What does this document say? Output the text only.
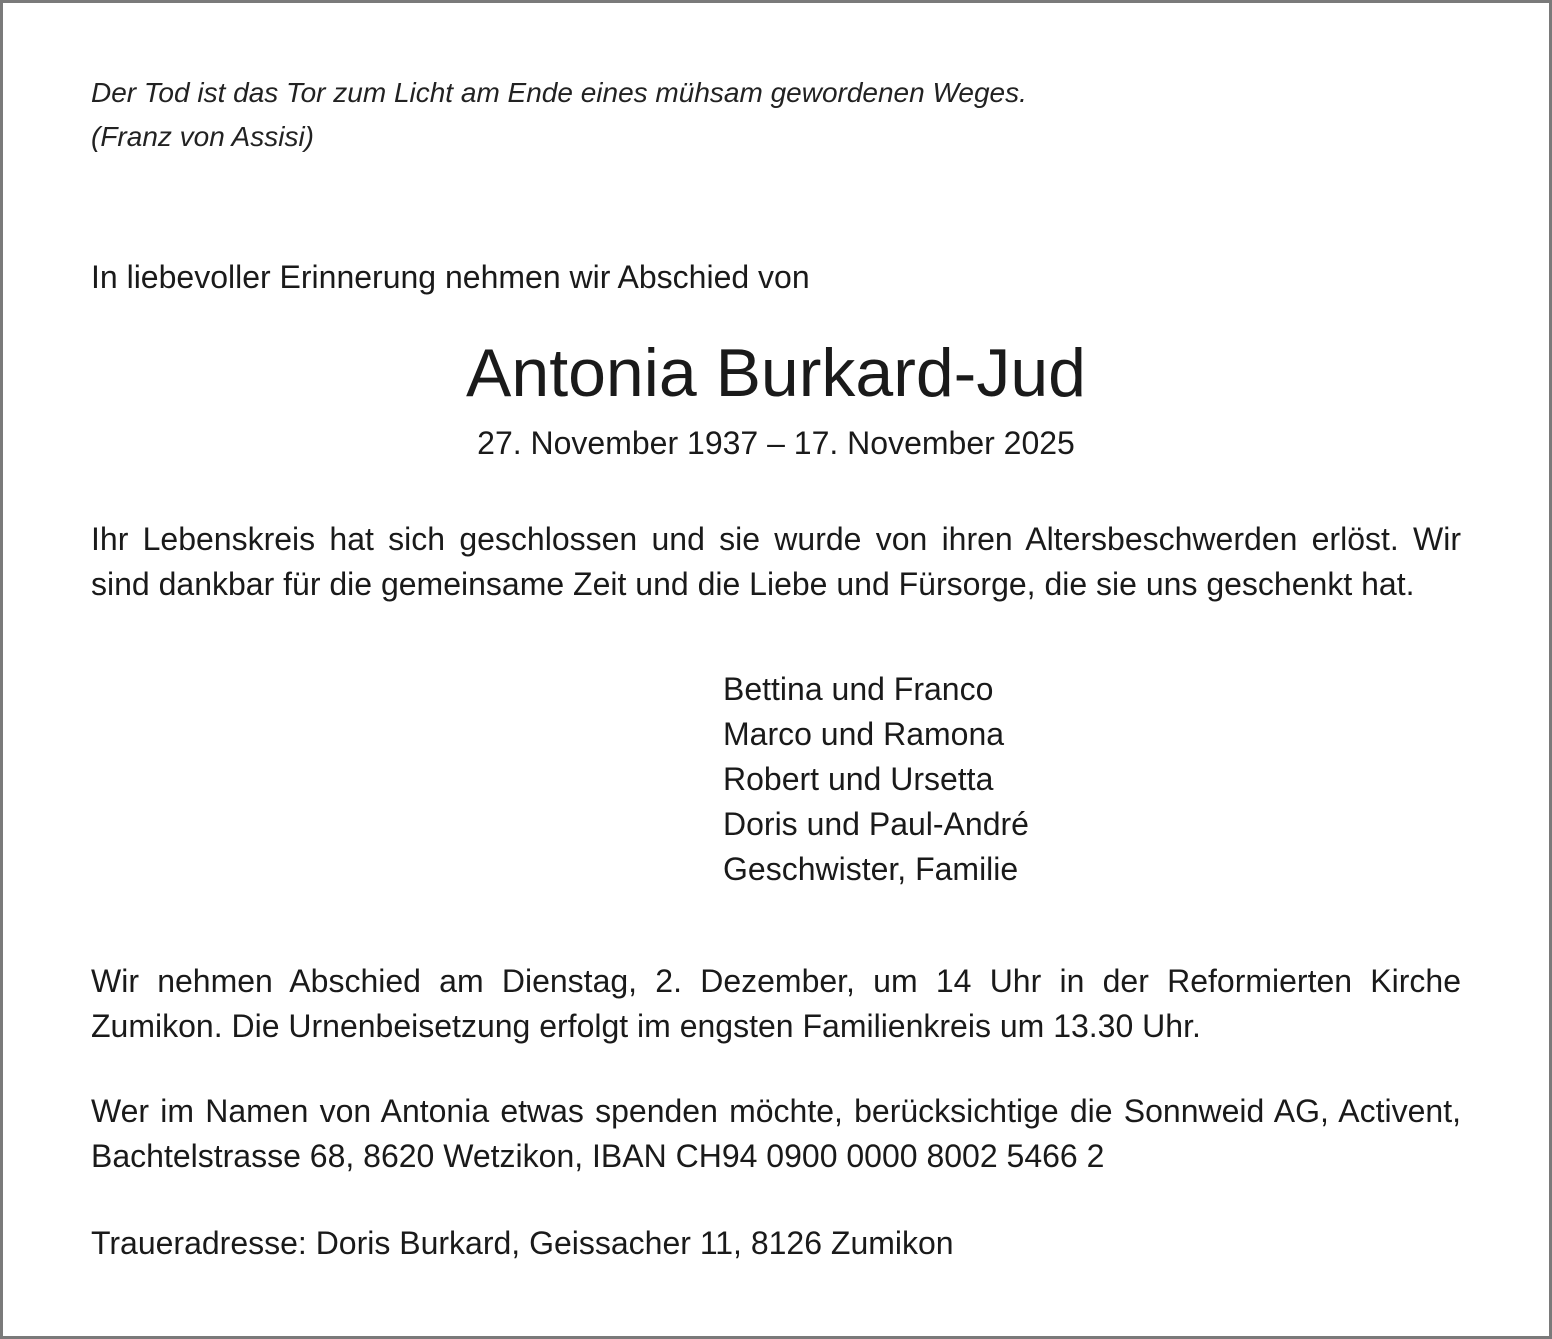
Der Tod ist das Tor zum Licht am Ende eines mühsam gewordenen Weges.
(Franz von Assisi)
In liebevoller Erinnerung nehmen wir Abschied von
Antonia Burkard-Jud
27. November 1937 – 17. November 2025
Ihr Lebenskreis hat sich geschlossen und sie wurde von ihren Altersbeschwerden erlöst. Wir sind dankbar für die gemeinsame Zeit und die Liebe und Fürsorge, die sie uns geschenkt hat.
Bettina und Franco
Marco und Ramona
Robert und Ursetta
Doris und Paul-André
Geschwister, Familie
Wir nehmen Abschied am Dienstag, 2. Dezember, um 14 Uhr in der Reformierten Kirche Zumikon. Die Urnenbeisetzung erfolgt im engsten Familienkreis um 13.30 Uhr.
Wer im Namen von Antonia etwas spenden möchte, berücksichtige die Sonnweid AG, Activent, Bachtelstrasse 68, 8620 Wetzikon, IBAN CH94 0900 0000 8002 5466 2
Traueradresse: Doris Burkard, Geissacher 11, 8126 Zumikon
